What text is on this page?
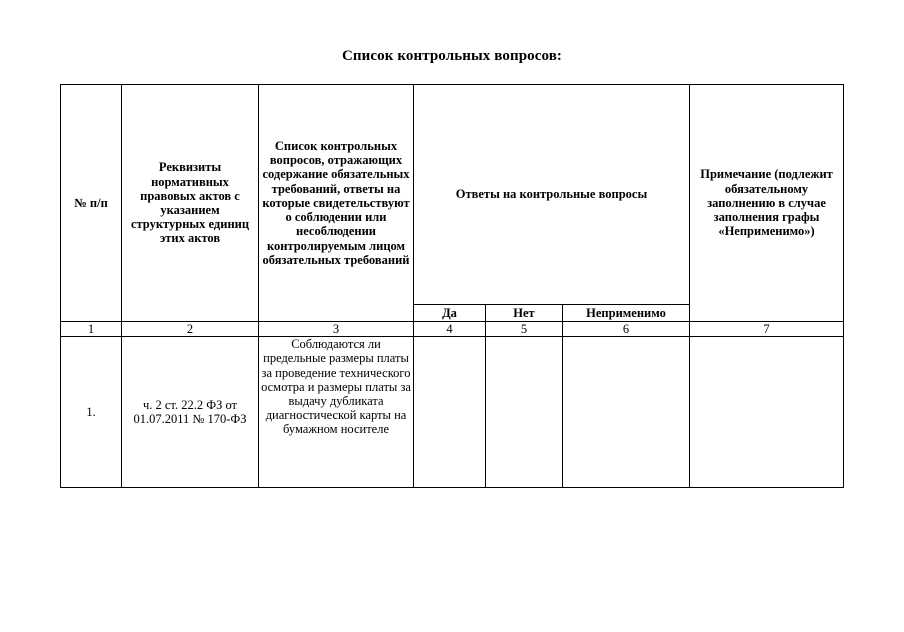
Список контрольных вопросов:
№ п/п	Реквизиты нормативных правовых актов с указанием структурных единиц этих актов	Список контрольных вопросов, отражающих содержание обязательных требований, ответы на которые свидетельствуют о соблюдении или несоблюдении контролируемым лицом обязательных требований	Ответы на контрольные вопросы			Примечание (подлежит обязательному заполнению в случае заполнения графы «Неприменимо»)
			Да	Нет	Неприменимо	
1	2	3	4	5	6	7
1.	ч. 2 ст. 22.2 ФЗ от 01.07.2011 № 170-ФЗ	Соблюдаются ли предельные размеры платы за проведение технического осмотра и размеры платы за выдачу дубликата диагностической карты на бумажном носителе				
